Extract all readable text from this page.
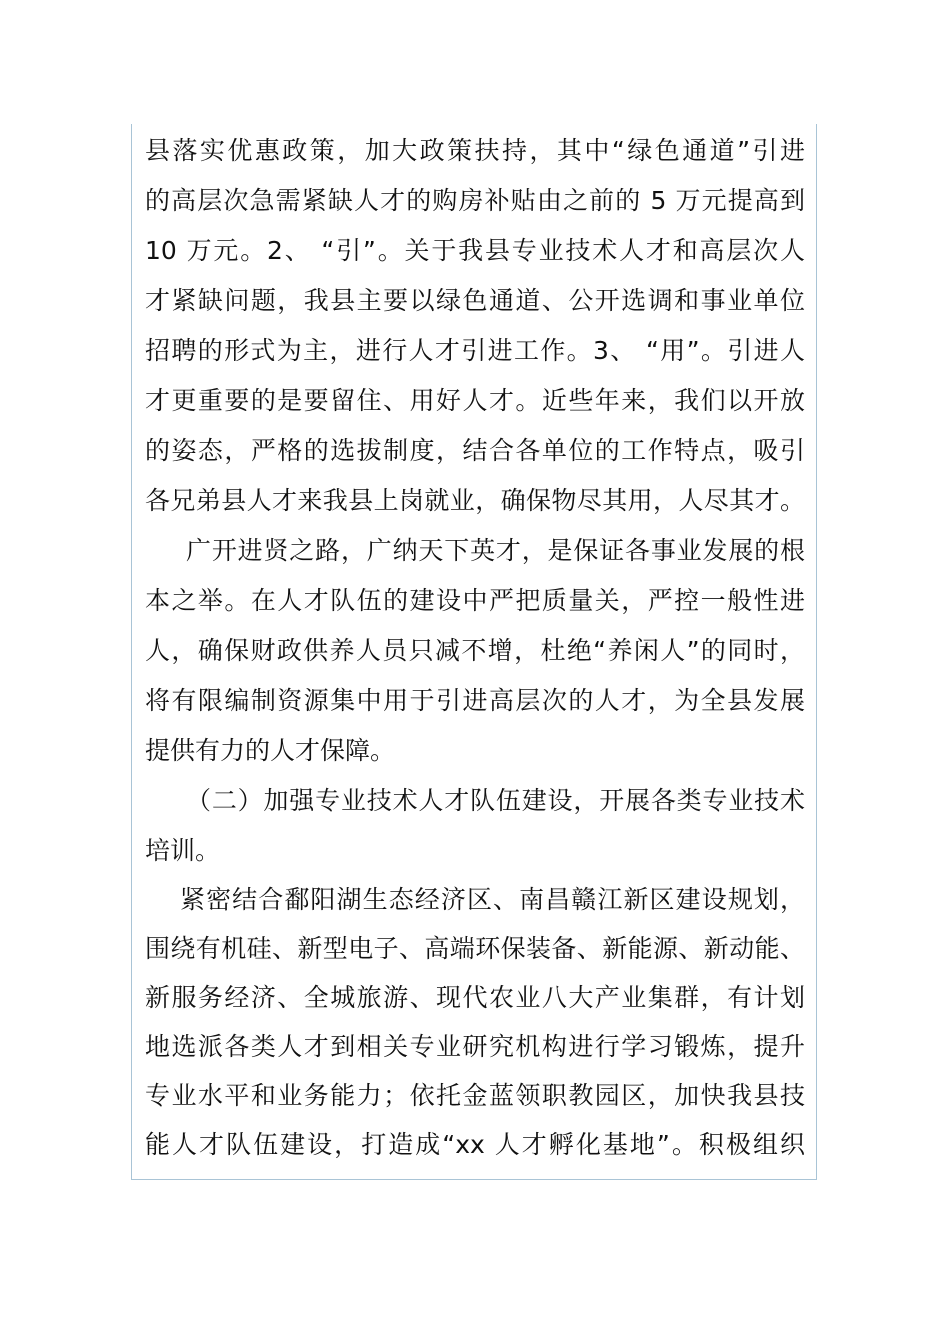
县落实优惠政策，加大政策扶持，其中“绿色通道”引进
的高层次急需紧缺人才的购房补贴由之前的 5 万元提高到
10 万元。2、 “引”。关于我县专业技术人才和高层次人
才紧缺问题，我县主要以绿色通道、公开选调和事业单位
招聘的形式为主，进行人才引进工作。3、 “用”。引进人
才更重要的是要留住、用好人才。近些年来，我们以开放
的姿态，严格的选拔制度，结合各单位的工作特点，吸引
各兄弟县人才来我县上岗就业，确保物尽其用，人尽其才。
广开进贤之路，广纳天下英才，是保证各事业发展的根
本之举。在人才队伍的建设中严把质量关，严控一般性进
人，确保财政供养人员只减不增，杜绝“养闲人”的同时，
将有限编制资源集中用于引进高层次的人才，为全县发展
提供有力的人才保障。
（二）加强专业技术人才队伍建设，开展各类专业技术
培训。
紧密结合鄱阳湖生态经济区、南昌赣江新区建设规划，
围绕有机硅、新型电子、高端环保装备、新能源、新动能、
新服务经济、全城旅游、现代农业八大产业集群，有计划
地选派各类人才到相关专业研究机构进行学习锻炼，提升
专业水平和业务能力；依托金蓝领职教园区，加快我县技
能人才队伍建设，打造成“xx 人才孵化基地”。积极组织
